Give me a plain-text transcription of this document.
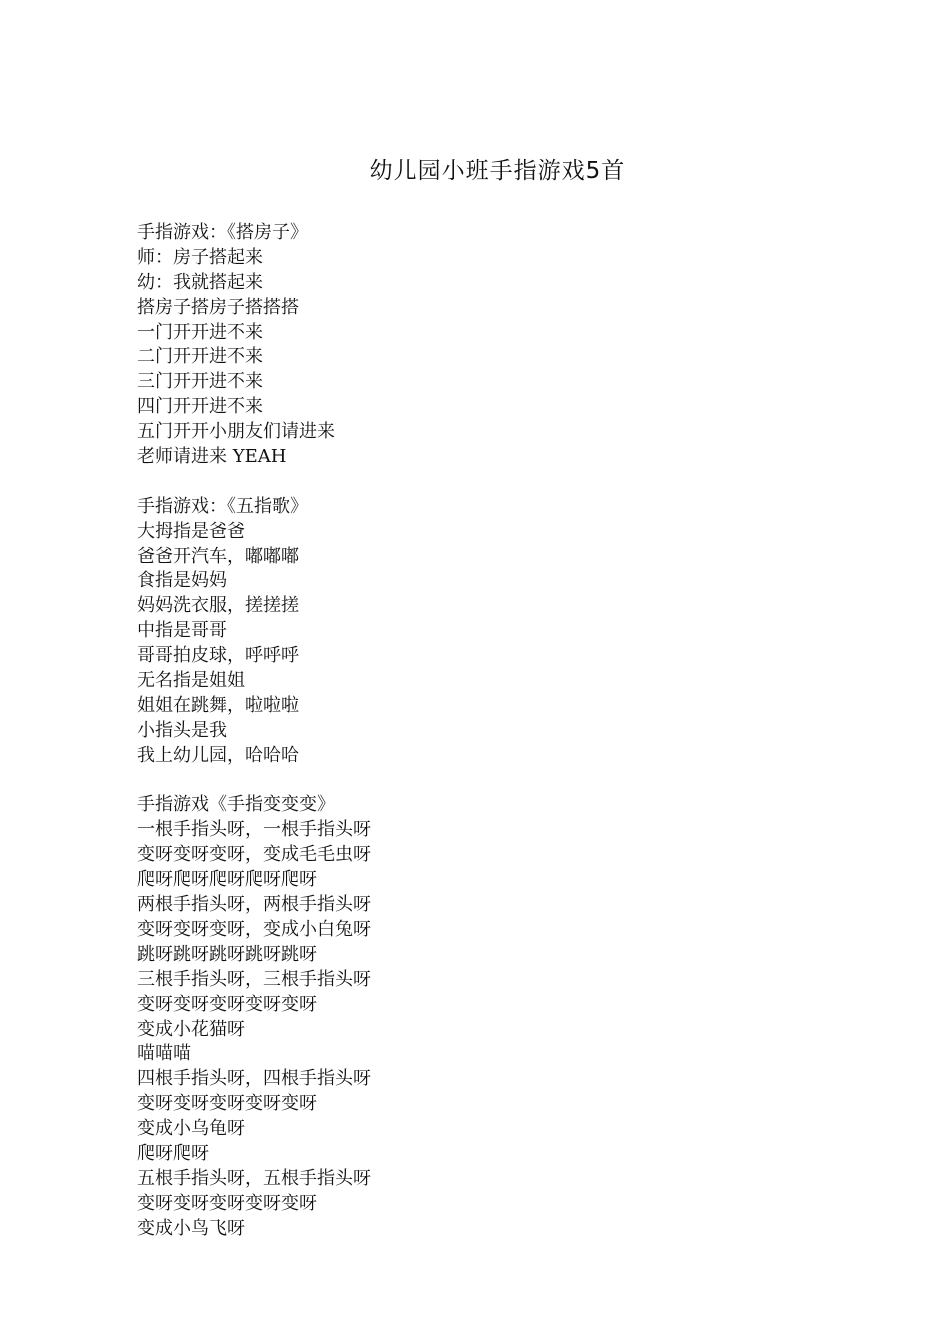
幼儿园小班手指游戏5首
手指游戏：《搭房子》
师：房子搭起来
幼：我就搭起来
搭房子搭房子搭搭搭
一门开开进不来
二门开开进不来
三门开开进不来
四门开开进不来
五门开开小朋友们请进来
老师请进来 YEAH
手指游戏：《五指歌》
大拇指是爸爸
爸爸开汽车，嘟嘟嘟
食指是妈妈
妈妈洗衣服，搓搓搓
中指是哥哥
哥哥拍皮球，呼呼呼
无名指是姐姐
姐姐在跳舞，啦啦啦
小指头是我
我上幼儿园，哈哈哈
手指游戏《手指变变变》
一根手指头呀，一根手指头呀
变呀变呀变呀，变成毛毛虫呀
爬呀爬呀爬呀爬呀爬呀
两根手指头呀，两根手指头呀
变呀变呀变呀，变成小白兔呀
跳呀跳呀跳呀跳呀跳呀
三根手指头呀，三根手指头呀
变呀变呀变呀变呀变呀
变成小花猫呀
喵喵喵
四根手指头呀，四根手指头呀
变呀变呀变呀变呀变呀
变成小乌龟呀
爬呀爬呀
五根手指头呀，五根手指头呀
变呀变呀变呀变呀变呀
变成小鸟飞呀
